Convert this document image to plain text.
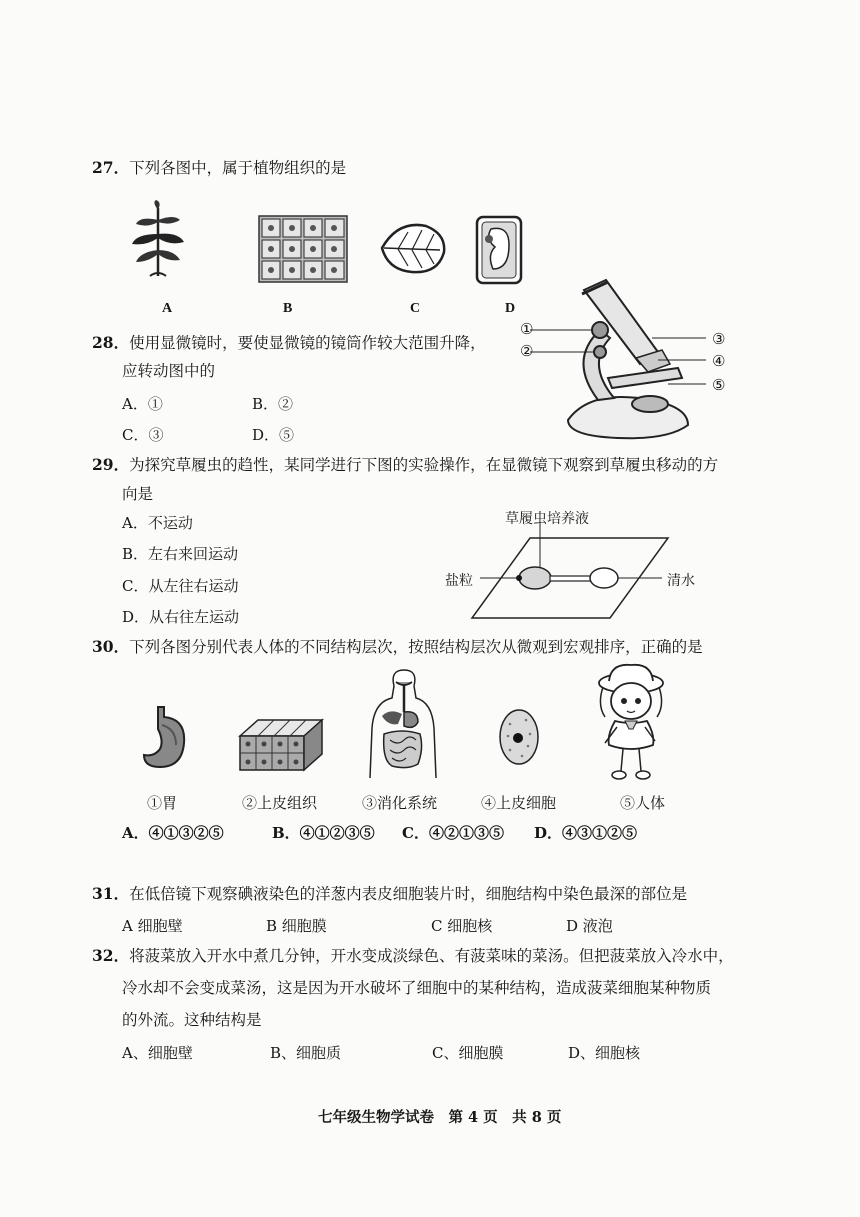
27．下列各图中，属于植物组织的是
A	B	C	D
28．使用显微镜时，要使显微镜的镜筒作较大范围升降，
应转动图中的
A．①	B．②
C．③	D．⑤
①
②
③
④
⑤
29．为探究草履虫的趋性，某同学进行下图的实验操作，在显微镜下观察到草履虫移动的方
向是
A．不运动
B．左右来回运动
C．从左往右运动
D．从右往左运动
草履虫培养液
盐粒	清水
30．下列各图分别代表人体的不同结构层次，按照结构层次从微观到宏观排序，正确的是
①胃	②上皮组织	③消化系统	④上皮细胞	⑤人体
A．④①③②⑤	B．④①②③⑤ C．④②①③⑤ D．④③①②⑤
31．在低倍镜下观察碘液染色的洋葱内表皮细胞装片时，细胞结构中染色最深的部位是
A 细胞壁	B 细胞膜	C 细胞核	D 液泡
32．将菠菜放入开水中煮几分钟，开水变成淡绿色、有菠菜味的菜汤。但把菠菜放入冷水中，
冷水却不会变成菜汤，这是因为开水破坏了细胞中的某种结构，造成菠菜细胞某种物质
的外流。这种结构是
A、细胞壁	B、细胞质	C、细胞膜	D、细胞核
七年级生物学试卷　第 4 页　共 8 页
